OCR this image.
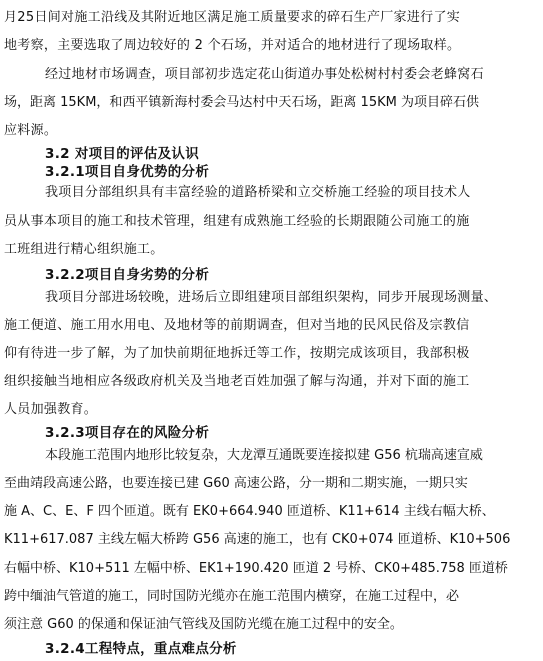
月25日间对施工沿线及其附近地区满足施工质量要求的碎石生产厂家进行了实
地考察，主要选取了周边较好的 2 个石场，并对适合的地材进行了现场取样。
经过地材市场调查，项目部初步选定花山街道办事处松树村村委会老蜂窝石
场，距离 15KM，和西平镇新海村委会马达村中天石场，距离 15KM 为项目碎石供
应料源。
3.2 对项目的评估及认识
3.2.1项目自身优势的分析
我项目分部组织具有丰富经验的道路桥梁和立交桥施工经验的项目技术人
员从事本项目的施工和技术管理，组建有成熟施工经验的长期跟随公司施工的施
工班组进行精心组织施工。
3.2.2项目自身劣势的分析
我项目分部进场较晚，进场后立即组建项目部组织架构，同步开展现场测量、
施工便道、施工用水用电、及地材等的前期调查，但对当地的民风民俗及宗教信
仰有待进一步了解，为了加快前期征地拆迁等工作，按期完成该项目，我部积极
组织接触当地相应各级政府机关及当地老百姓加强了解与沟通，并对下面的施工
人员加强教育。
3.2.3项目存在的风险分析
本段施工范围内地形比较复杂，大龙潭互通既要连接拟建 G56 杭瑞高速宣威
至曲靖段高速公路，也要连接已建 G60 高速公路，分一期和二期实施，一期只实
施 A、C、E、F 四个匝道。既有 EK0+664.940 匝道桥、K11+614 主线右幅大桥、
K11+617.087 主线左幅大桥跨 G56 高速的施工，也有 CK0+074 匝道桥、K10+506
右幅中桥、K10+511 左幅中桥、EK1+190.420 匝道 2 号桥、CK0+485.758 匝道桥
跨中缅油气管道的施工，同时国防光缆亦在施工范围内横穿，在施工过程中，必
须注意 G60 的保通和保证油气管线及国防光缆在施工过程中的安全。
3.2.4工程特点，重点难点分析
